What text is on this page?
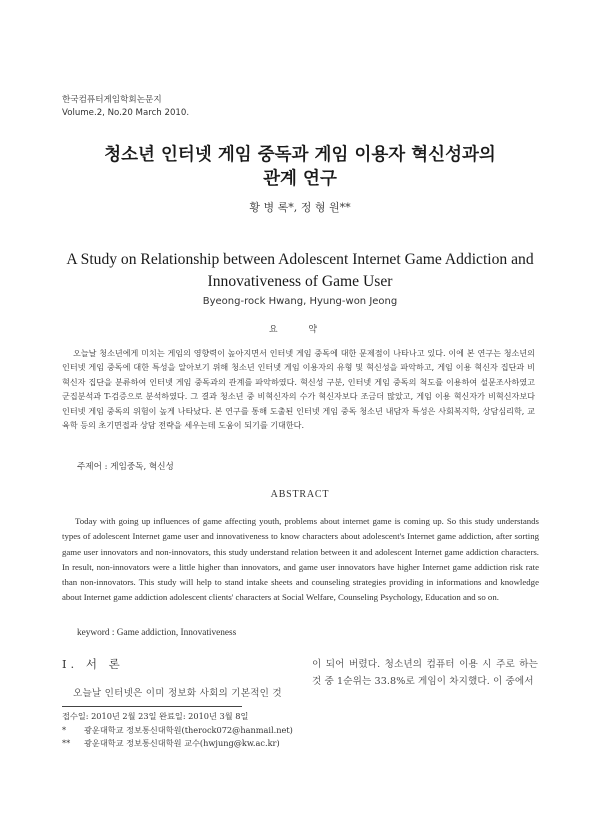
한국컴퓨터게임학회논문지
Volume.2, No.20 March 2010.
청소년 인터넷 게임 중독과 게임 이용자 혁신성과의
관계 연구
황 병 록*, 정 형 원**
A Study on Relationship between Adolescent Internet Game Addiction and
Innovativeness of Game User
Byeong-rock Hwang, Hyung-won Jeong
요 약

오늘날 청소년에게 미치는 게임의 영향력이 높아지면서 인터넷 게임 중독에 대한 문제점이 나타나고 있다. 이에 본 연구는 청소년의 인터넷 게임 중독에 대한 특성을 알아보기 위해 청소년 인터넷 게임 이용자의 유형 및 혁신성을 파악하고, 게임 이용 혁신자 집단과 비혁신자 집단을 분류하여 인터넷 게임 중독과의 관계를 파악하였다. 혁신성 구분, 인터넷 게임 중독의 척도를 이용하여 설문조사하였고 군집분석과 T-검증으로 분석하였다. 그 결과 청소년 중 비혁신자의 수가 혁신자보다 조금더 많았고, 게임 이용 혁신자가 비혁신자보다 인터넷 게임 중독의 위험이 높게 나타났다. 본 연구를 통해 도출된 인터넷 게임 중독 청소년 내담자 특성은 사회복지학, 상담심리학, 교육학 등의 초기면접과 상담 전략을 세우는데 도움이 되기를 기대한다.

주제어 : 게임중독, 혁신성
ABSTRACT

Today with going up influences of game affecting youth, problems about internet game is coming up. So this study understands types of adolescent Internet game user and innovativeness to know characters about adolescent's Internet game addiction, after sorting game user innovators and non-innovators, this study understand relation between it and adolescent Internet game addiction characters. In result, non-innovators were a little higher than innovators, and game user innovators have higher Internet game addiction risk rate than non-innovators. This study will help to stand intake sheets and counseling strategies providing in informations and knowledge about Internet game addiction adolescent clients' characters at Social Welfare, Counseling Psychology, Education and so on.

keyword : Game addiction, Innovativeness
Ⅰ. 서 론
오늘날 인터넷은 이미 정보화 사회의 기본적인 것
이 되어 버렸다. 청소년의 컴퓨터 이용 시 주로 하는 것 중 1순위는 33.8%로 게임이 차지했다. 이 중에서
접수일: 2010년 2월 23일 완료일: 2010년 3월 8일
*	광운대학교 정보통신대학원(therock072@hanmail.net)
**	광운대학교 정보통신대학원 교수(hwjung@kw.ac.kr)
